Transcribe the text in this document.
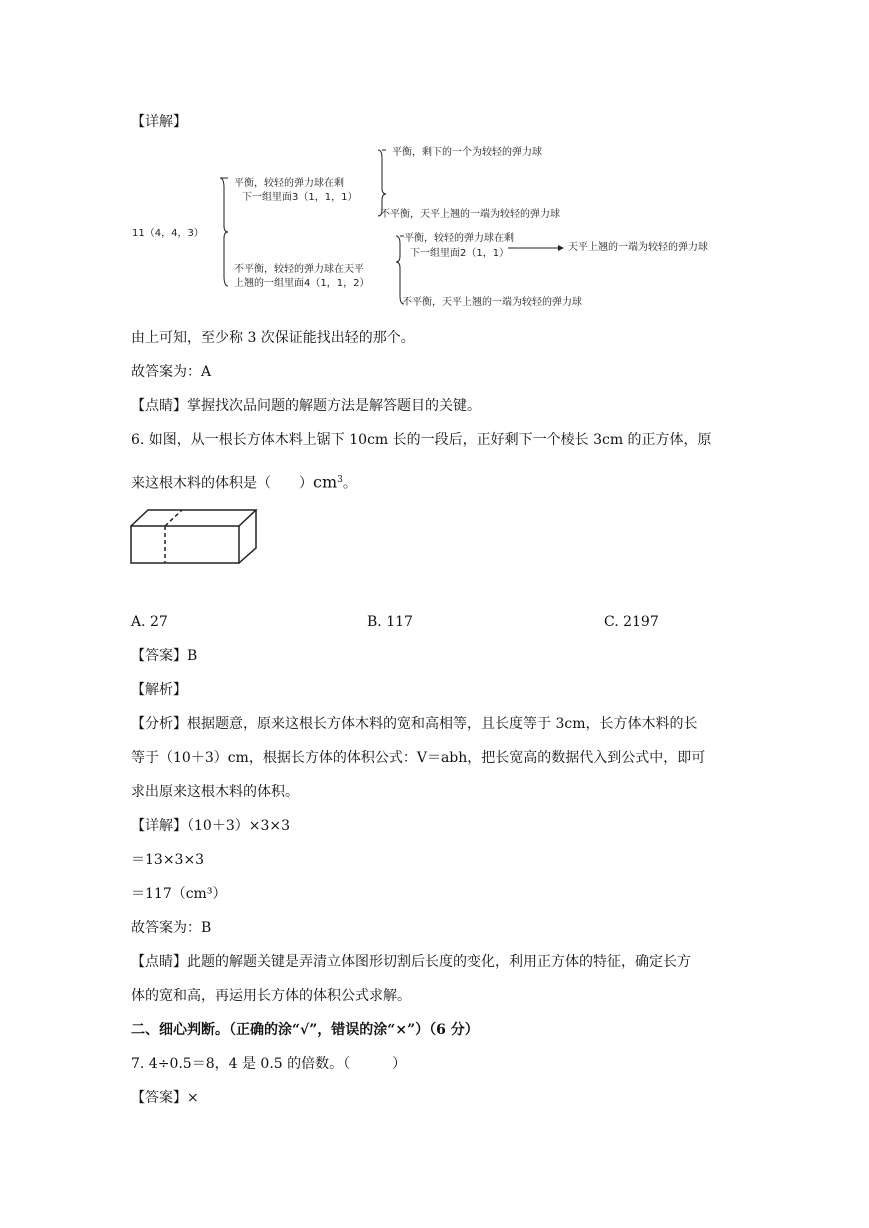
【详解】
11（4，4，3）
平衡，较轻的弹力球在剩
下一组里面3（1，1，1）
平衡，剩下的一个为较轻的弹力球
不平衡，天平上翘的一端为较轻的弹力球
不平衡，较轻的弹力球在天平
上翘的一组里面4（1，1，2）
平衡，较轻的弹力球在剩
下一组里面2（1，1）
天平上翘的一端为较轻的弹力球
不平衡，天平上翘的一端为较轻的弹力球
由上可知，至少称 3 次保证能找出轻的那个。
故答案为：A
【点睛】掌握找次品问题的解题方法是解答题目的关键。
6. 如图，从一根长方体木料上锯下 10cm 长的一段后，正好剩下一个棱长 3cm 的正方体，原
来这根木料的体积是（　　）$cm^3$。
A. 27	B. 117	C. 2197
【答案】B
【解析】
【分析】根据题意，原来这根长方体木料的宽和高相等，且长度等于 3cm，长方体木料的长
等于（10＋3）cm，根据长方体的体积公式：V＝abh，把长宽高的数据代入到公式中，即可
求出原来这根木料的体积。
【详解】（10＋3）×3×3
＝13×3×3
＝117（cm³）
故答案为：B
【点睛】此题的解题关键是弄清立体图形切割后长度的变化，利用正方体的特征，确定长方
体的宽和高，再运用长方体的体积公式求解。
二、细心判断。（正确的涂“√”，错误的涂“×”）（6 分）
7. 4÷0.5＝8，4 是 0.5 的倍数。（　　　）
【答案】×
